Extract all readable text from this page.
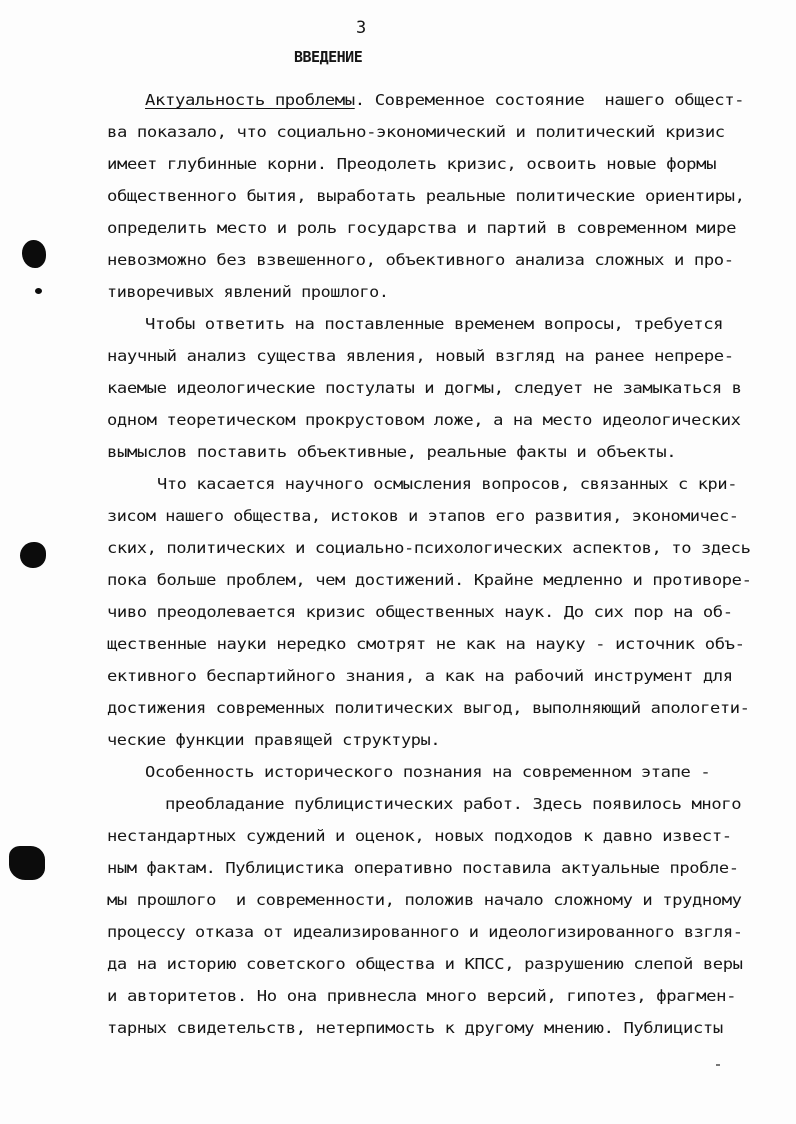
3
ВВЕДЕНИЕ
Актуальность проблемы. Современное состояние  нашего общест-
ва показало, что социально-экономический и политический кризис
имеет глубинные корни. Преодолеть кризис, освоить новые формы
общественного бытия, выработать реальные политические ориентиры,
определить место и роль государства и партий в современном мире
невозможно без взвешенного, объективного анализа сложных и про-
тиворечивых явлений прошлого.
Чтобы ответить на поставленные временем вопросы, требуется
научный анализ существа явления, новый взгляд на ранее непрере-
каемые идеологические постулаты и догмы, следует не замыкаться в
одном теоретическом прокрустовом ложе, а на место идеологических
вымыслов поставить объективные, реальные факты и объекты.
Что касается научного осмысления вопросов, связанных с кри-
зисом нашего общества, истоков и этапов его развития, экономичес-
ских, политических и социально-психологических аспектов, то здесь
пока больше проблем, чем достижений. Крайне медленно и противоре-
чиво преодолевается кризис общественных наук. До сих пор на об-
щественные науки нередко смотрят не как на науку - источник объ-
ективного беспартийного знания, а как на рабочий инструмент для
достижения современных политических выгод, выполняющий апологети-
ческие функции правящей структуры.
Особенность исторического познания на современном этапе -
преобладание публицистических работ. Здесь появилось много
нестандартных суждений и оценок, новых подходов к давно извест-
ным фактам. Публицистика оперативно поставила актуальные пробле-
мы прошлого  и современности, положив начало сложному и трудному
процессу отказа от идеализированного и идеологизированного взгля-
да на историю советского общества и КПСС, разрушению слепой веры
и авторитетов. Но она привнесла много версий, гипотез, фрагмен-
тарных свидетельств, нетерпимость к другому мнению. Публицисты
